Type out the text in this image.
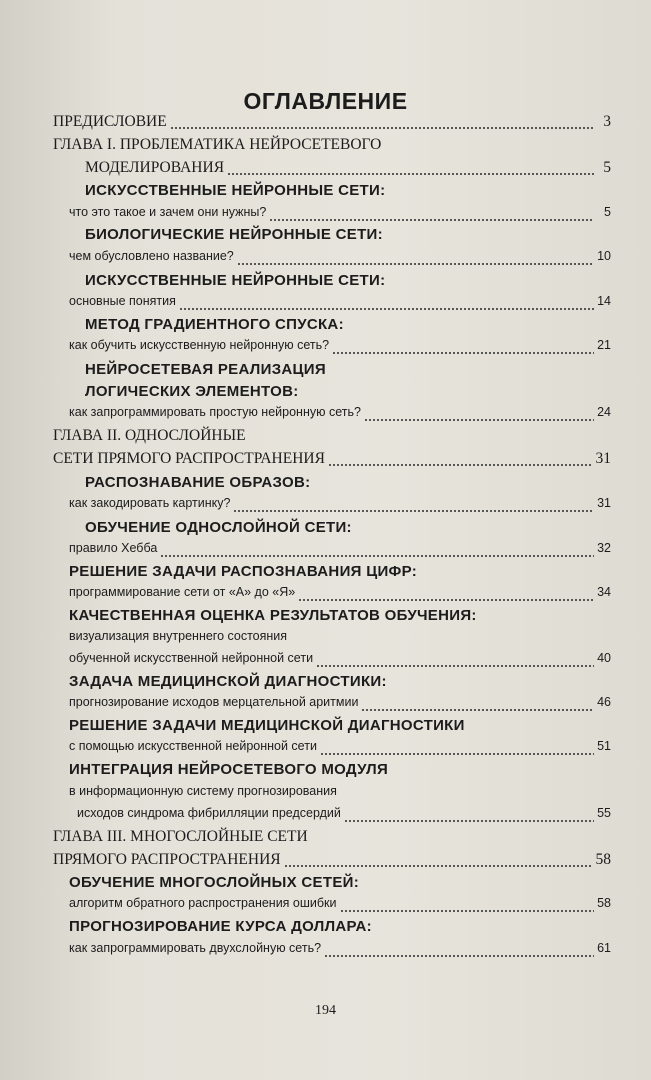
ОГЛАВЛЕНИЕ
ПРЕДИСЛОВИЕ	3
ГЛАВА I. ПРОБЛЕМАТИКА НЕЙРОСЕТЕВОГО
МОДЕЛИРОВАНИЯ	5
ИСКУССТВЕННЫЕ НЕЙРОННЫЕ СЕТИ:
что это такое и зачем они нужны?	5
БИОЛОГИЧЕСКИЕ НЕЙРОННЫЕ СЕТИ:
чем обусловлено название?	10
ИСКУССТВЕННЫЕ НЕЙРОННЫЕ СЕТИ:
основные понятия	14
МЕТОД ГРАДИЕНТНОГО СПУСКА:
как обучить искусственную нейронную сеть?	21
НЕЙРОСЕТЕВАЯ РЕАЛИЗАЦИЯ
ЛОГИЧЕСКИХ ЭЛЕМЕНТОВ:
как запрограммировать простую нейронную сеть?	24
ГЛАВА II. ОДНОСЛОЙНЫЕ
СЕТИ ПРЯМОГО РАСПРОСТРАНЕНИЯ	31
РАСПОЗНАВАНИЕ ОБРАЗОВ:
как закодировать картинку?	31
ОБУЧЕНИЕ ОДНОСЛОЙНОЙ СЕТИ:
правило Хебба	32
РЕШЕНИЕ ЗАДАЧИ РАСПОЗНАВАНИЯ ЦИФР:
программирование сети от «А» до «Я»	34
КАЧЕСТВЕННАЯ ОЦЕНКА РЕЗУЛЬТАТОВ ОБУЧЕНИЯ:
визуализация внутреннего состояния
обученной искусственной нейронной сети	40
ЗАДАЧА МЕДИЦИНСКОЙ ДИАГНОСТИКИ:
прогнозирование исходов мерцательной аритмии	46
РЕШЕНИЕ ЗАДАЧИ МЕДИЦИНСКОЙ ДИАГНОСТИКИ
с помощью искусственной нейронной сети	51
ИНТЕГРАЦИЯ НЕЙРОСЕТЕВОГО МОДУЛЯ
в информационную систему прогнозирования
исходов синдрома фибрилляции предсердий	55
ГЛАВА III. МНОГОСЛОЙНЫЕ СЕТИ
ПРЯМОГО РАСПРОСТРАНЕНИЯ	58
ОБУЧЕНИЕ МНОГОСЛОЙНЫХ СЕТЕЙ:
алгоритм обратного распространения ошибки	58
ПРОГНОЗИРОВАНИЕ КУРСА ДОЛЛАРА:
как запрограммировать двухслойную сеть?	61
194
